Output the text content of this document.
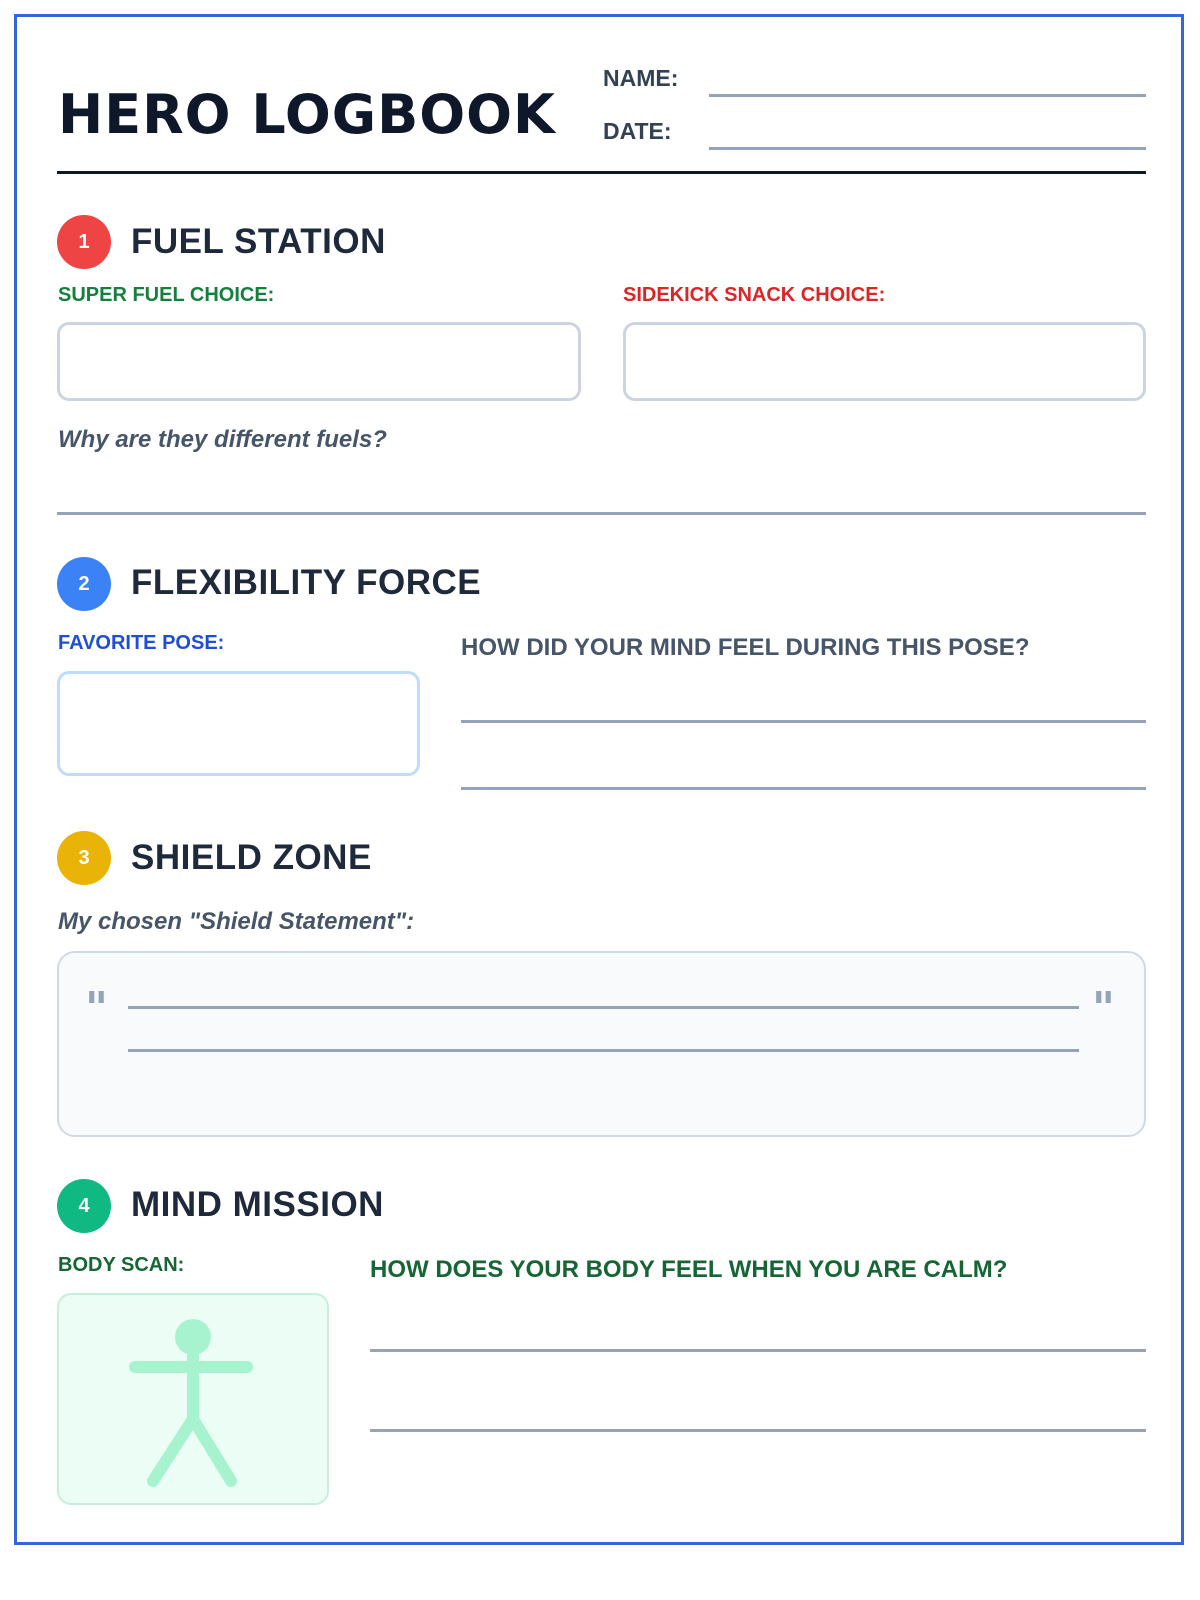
HERO LOGBOOK
NAME:
DATE:
1	FUEL STATION
SUPER FUEL CHOICE:	SIDEKICK SNACK CHOICE:
Why are they different fuels?
2	FLEXIBILITY FORCE
FAVORITE POSE:	HOW DID YOUR MIND FEEL DURING THIS POSE?
3	SHIELD ZONE
My chosen "Shield Statement":
"	"
4	MIND MISSION
BODY SCAN:	HOW DOES YOUR BODY FEEL WHEN YOU ARE CALM?
